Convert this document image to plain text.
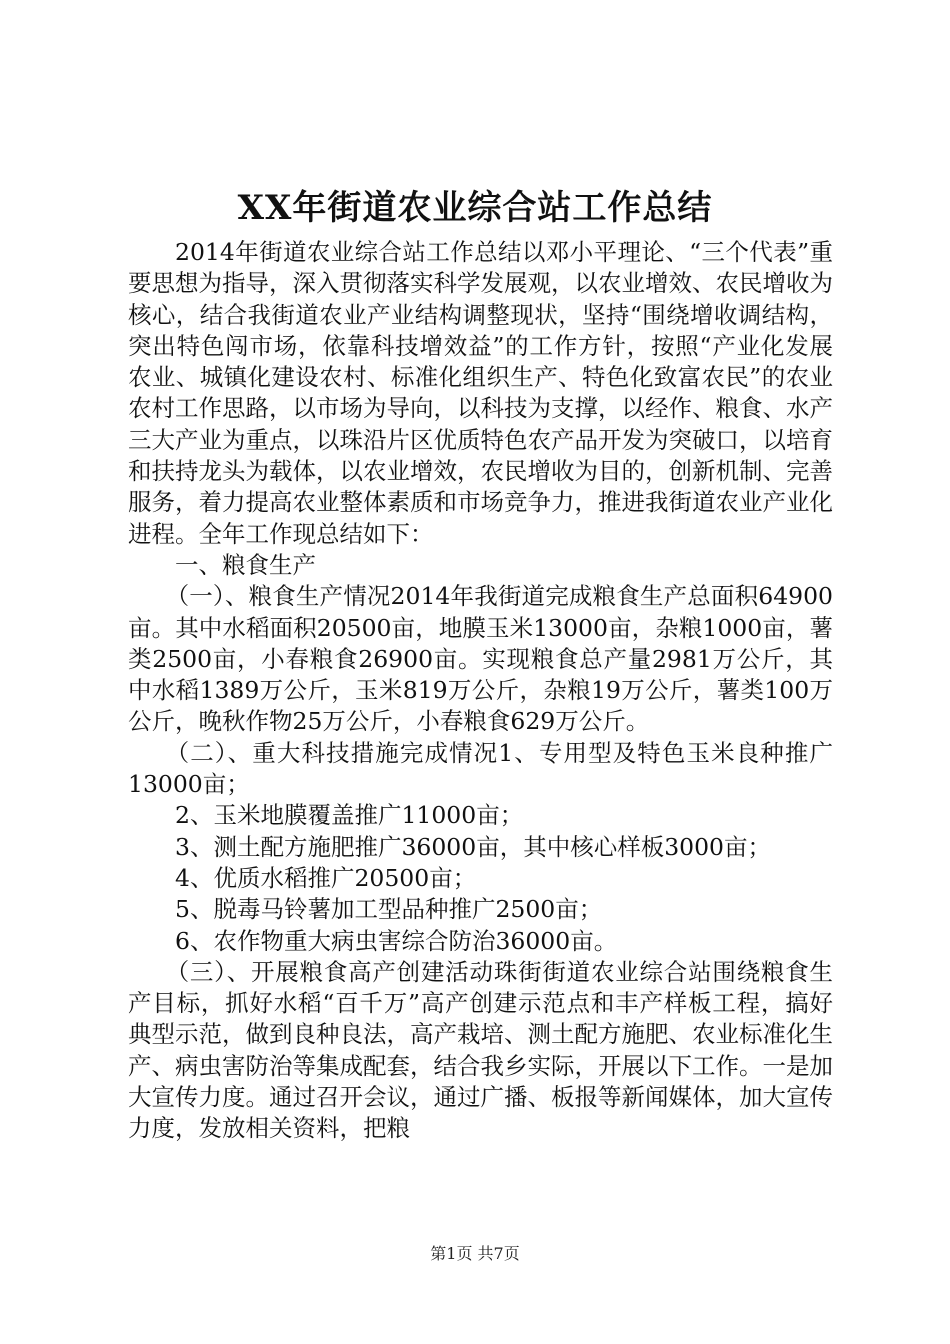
XX年街道农业综合站工作总结

2014年街道农业综合站工作总结以邓小平理论、“三个代表”重要思想为指导，深入贯彻落实科学发展观，以农业增效、农民增收为核心，结合我街道农业产业结构调整现状，坚持“围绕增收调结构，突出特色闯市场，依靠科技增效益”的工作方针，按照“产业化发展农业、城镇化建设农村、标准化组织生产、特色化致富农民”的农业农村工作思路，以市场为导向，以科技为支撑，以经作、粮食、水产三大产业为重点，以珠沿片区优质特色农产品开发为突破口，以培育和扶持龙头为载体，以农业增效，农民增收为目的，创新机制、完善服务，着力提高农业整体素质和市场竞争力，推进我街道农业产业化进程。全年工作现总结如下：

一、粮食生产

（一）、粮食生产情况2014年我街道完成粮食生产总面积64900亩。其中水稻面积20500亩，地膜玉米13000亩，杂粮1000亩，薯类2500亩，小春粮食26900亩。实现粮食总产量2981万公斤，其中水稻1389万公斤，玉米819万公斤，杂粮19万公斤，薯类100万公斤，晚秋作物25万公斤，小春粮食629万公斤。

（二）、重大科技措施完成情况1、专用型及特色玉米良种推广13000亩；

2、玉米地膜覆盖推广11000亩；

3、测土配方施肥推广36000亩，其中核心样板3000亩；

4、优质水稻推广20500亩；

5、脱毒马铃薯加工型品种推广2500亩；

6、农作物重大病虫害综合防治36000亩。

（三）、开展粮食高产创建活动珠街街道农业综合站围绕粮食生产目标，抓好水稻“百千万”高产创建示范点和丰产样板工程，搞好典型示范，做到良种良法，高产栽培、测土配方施肥、农业标准化生产、病虫害防治等集成配套，结合我乡实际，开展以下工作。一是加大宣传力度。通过召开会议，通过广播、板报等新闻媒体，加大宣传力度，发放相关资料，把粮

第1页 共7页
